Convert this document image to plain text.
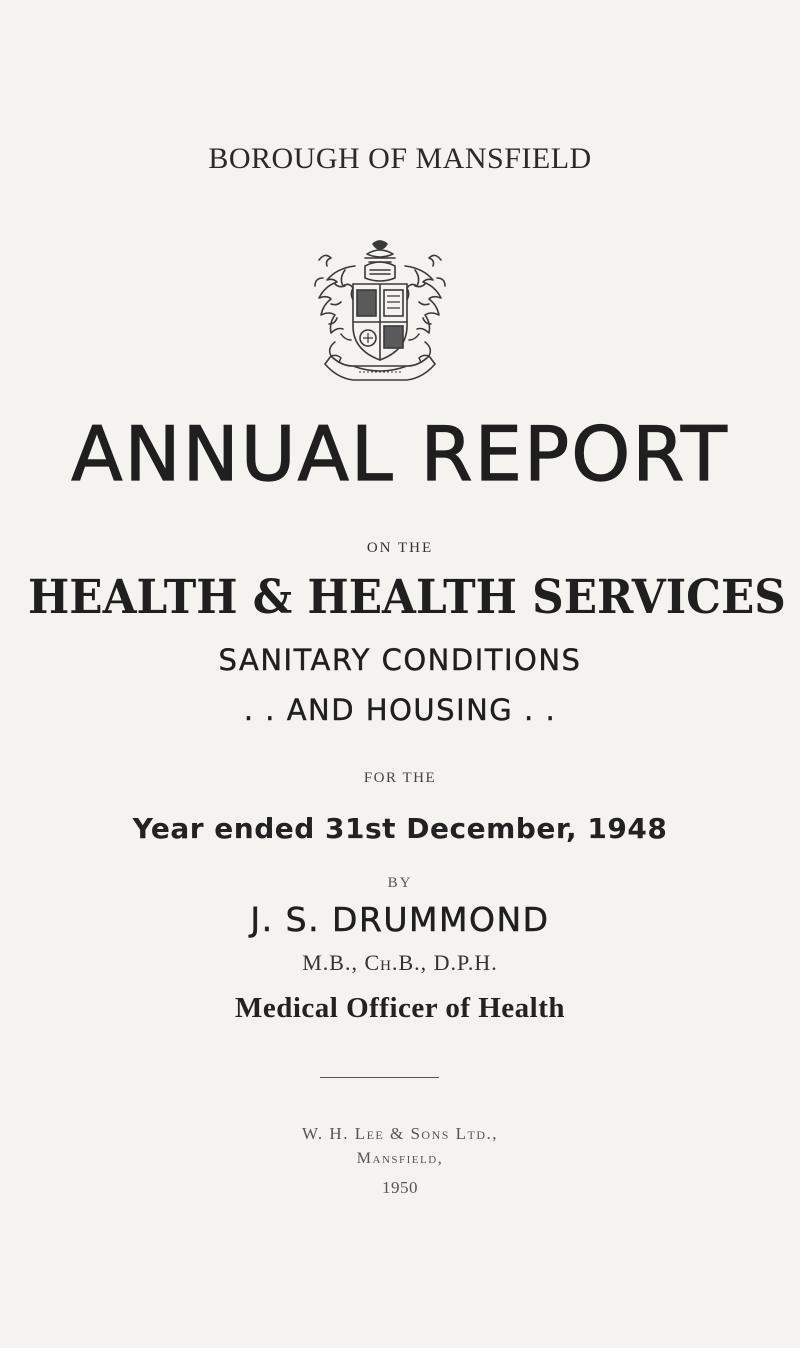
BOROUGH OF MANSFIELD
ANNUAL REPORT
ON THE
HEALTH & HEALTH SERVICES
SANITARY CONDITIONS
. . AND HOUSING . .
FOR THE
Year ended 31st December, 1948
BY
J. S. DRUMMOND
M.B., Ch.B., D.P.H.
Medical Officer of Health
W. H. Lee & Sons Ltd.,
Mansfield,
1950
